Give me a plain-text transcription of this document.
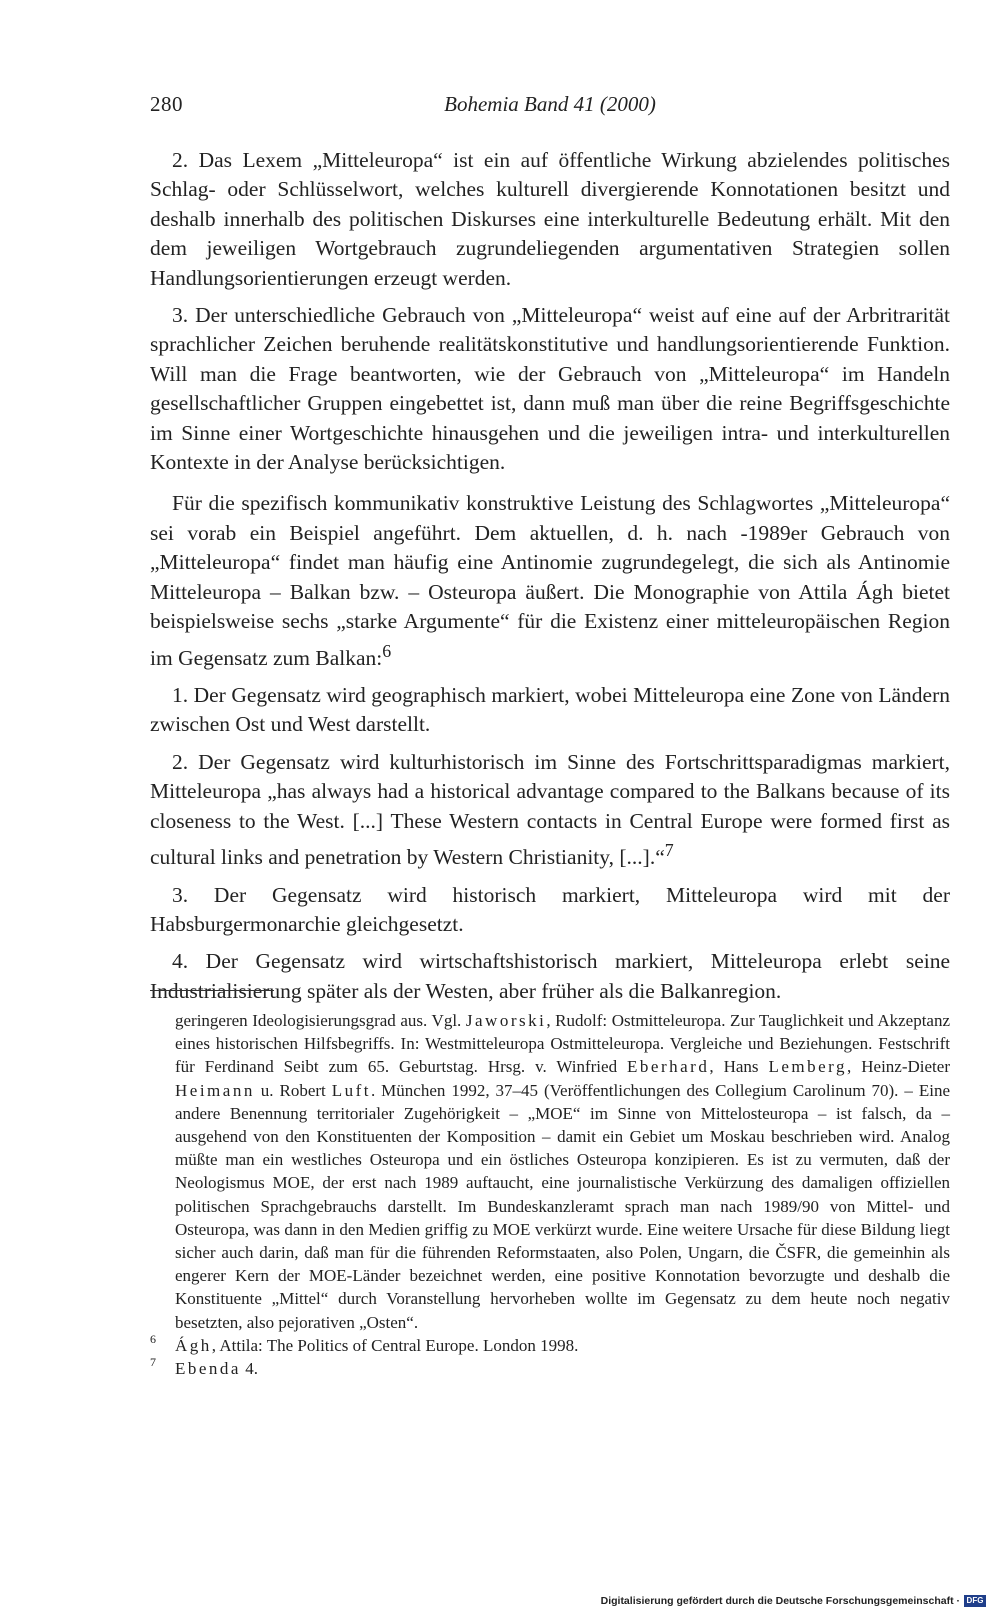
280	Bohemia Band 41 (2000)

2. Das Lexem „Mitteleuropa“ ist ein auf öffentliche Wirkung abzielendes politisches Schlag- oder Schlüsselwort, welches kulturell divergierende Konnotationen besitzt und deshalb innerhalb des politischen Diskurses eine interkulturelle Bedeutung erhält. Mit den dem jeweiligen Wortgebrauch zugrundeliegenden argumentativen Strategien sollen Handlungsorientierungen erzeugt werden.

3. Der unterschiedliche Gebrauch von „Mitteleuropa“ weist auf eine auf der Arbritrarität sprachlicher Zeichen beruhende realitätskonstitutive und handlungsorientierende Funktion. Will man die Frage beantworten, wie der Gebrauch von „Mitteleuropa“ im Handeln gesellschaftlicher Gruppen eingebettet ist, dann muß man über die reine Begriffsgeschichte im Sinne einer Wortgeschichte hinausgehen und die jeweiligen intra- und interkulturellen Kontexte in der Analyse berücksichtigen.

Für die spezifisch kommunikativ konstruktive Leistung des Schlagwortes „Mitteleuropa“ sei vorab ein Beispiel angeführt. Dem aktuellen, d. h. nach -1989er Gebrauch von „Mitteleuropa“ findet man häufig eine Antinomie zugrundegelegt, die sich als Antinomie Mitteleuropa – Balkan bzw. – Osteuropa äußert. Die Monographie von Attila Ágh bietet beispielsweise sechs „starke Argumente“ für die Existenz einer mitteleuropäischen Region im Gegensatz zum Balkan:$^6$

1. Der Gegensatz wird geographisch markiert, wobei Mitteleuropa eine Zone von Ländern zwischen Ost und West darstellt.

2. Der Gegensatz wird kulturhistorisch im Sinne des Fortschrittsparadigmas markiert, Mitteleuropa „has always had a historical advantage compared to the Balkans because of its closeness to the West. [...] These Western contacts in Central Europe were formed first as cultural links and penetration by Western Christianity, [...].“$^7$

3. Der Gegensatz wird historisch markiert, Mitteleuropa wird mit der Habsburgermonarchie gleichgesetzt.

4. Der Gegensatz wird wirtschaftshistorisch markiert, Mitteleuropa erlebt seine Industrialisierung später als der Westen, aber früher als die Balkanregion.

geringeren Ideologisierungsgrad aus. Vgl. Jaworski, Rudolf: Ostmitteleuropa. Zur Tauglichkeit und Akzeptanz eines historischen Hilfsbegriffs. In: Westmitteleuropa Ostmitteleuropa. Vergleiche und Beziehungen. Festschrift für Ferdinand Seibt zum 65. Geburtstag. Hrsg. v. Winfried Eberhard, Hans Lemberg, Heinz-Dieter Heimann u. Robert Luft. München 1992, 37–45 (Veröffentlichungen des Collegium Carolinum 70). – Eine andere Benennung territorialer Zugehörigkeit – „MOE“ im Sinne von Mittelosteuropa – ist falsch, da – ausgehend von den Konstituenten der Komposition – damit ein Gebiet um Moskau beschrieben wird. Analog müßte man ein westliches Osteuropa und ein östliches Osteuropa konzipieren. Es ist zu vermuten, daß der Neologismus MOE, der erst nach 1989 auftaucht, eine journalistische Verkürzung des damaligen offiziellen politischen Sprachgebrauchs darstellt. Im Bundeskanzleramt sprach man nach 1989/90 von Mittel- und Osteuropa, was dann in den Medien griffig zu MOE verkürzt wurde. Eine weitere Ursache für diese Bildung liegt sicher auch darin, daß man für die führenden Reformstaaten, also Polen, Ungarn, die ČSFR, die gemeinhin als engerer Kern der MOE-Länder bezeichnet werden, eine positive Konnotation bevorzugte und deshalb die Konstituente „Mittel“ durch Voranstellung hervorheben wollte im Gegensatz zu dem heute noch negativ besetzten, also pejorativen „Osten“.

6 Ágh, Attila: The Politics of Central Europe. London 1998.

7 Ebenda 4.

Digitalisierung gefördert durch die Deutsche Forschungsgemeinschaft · DFG
